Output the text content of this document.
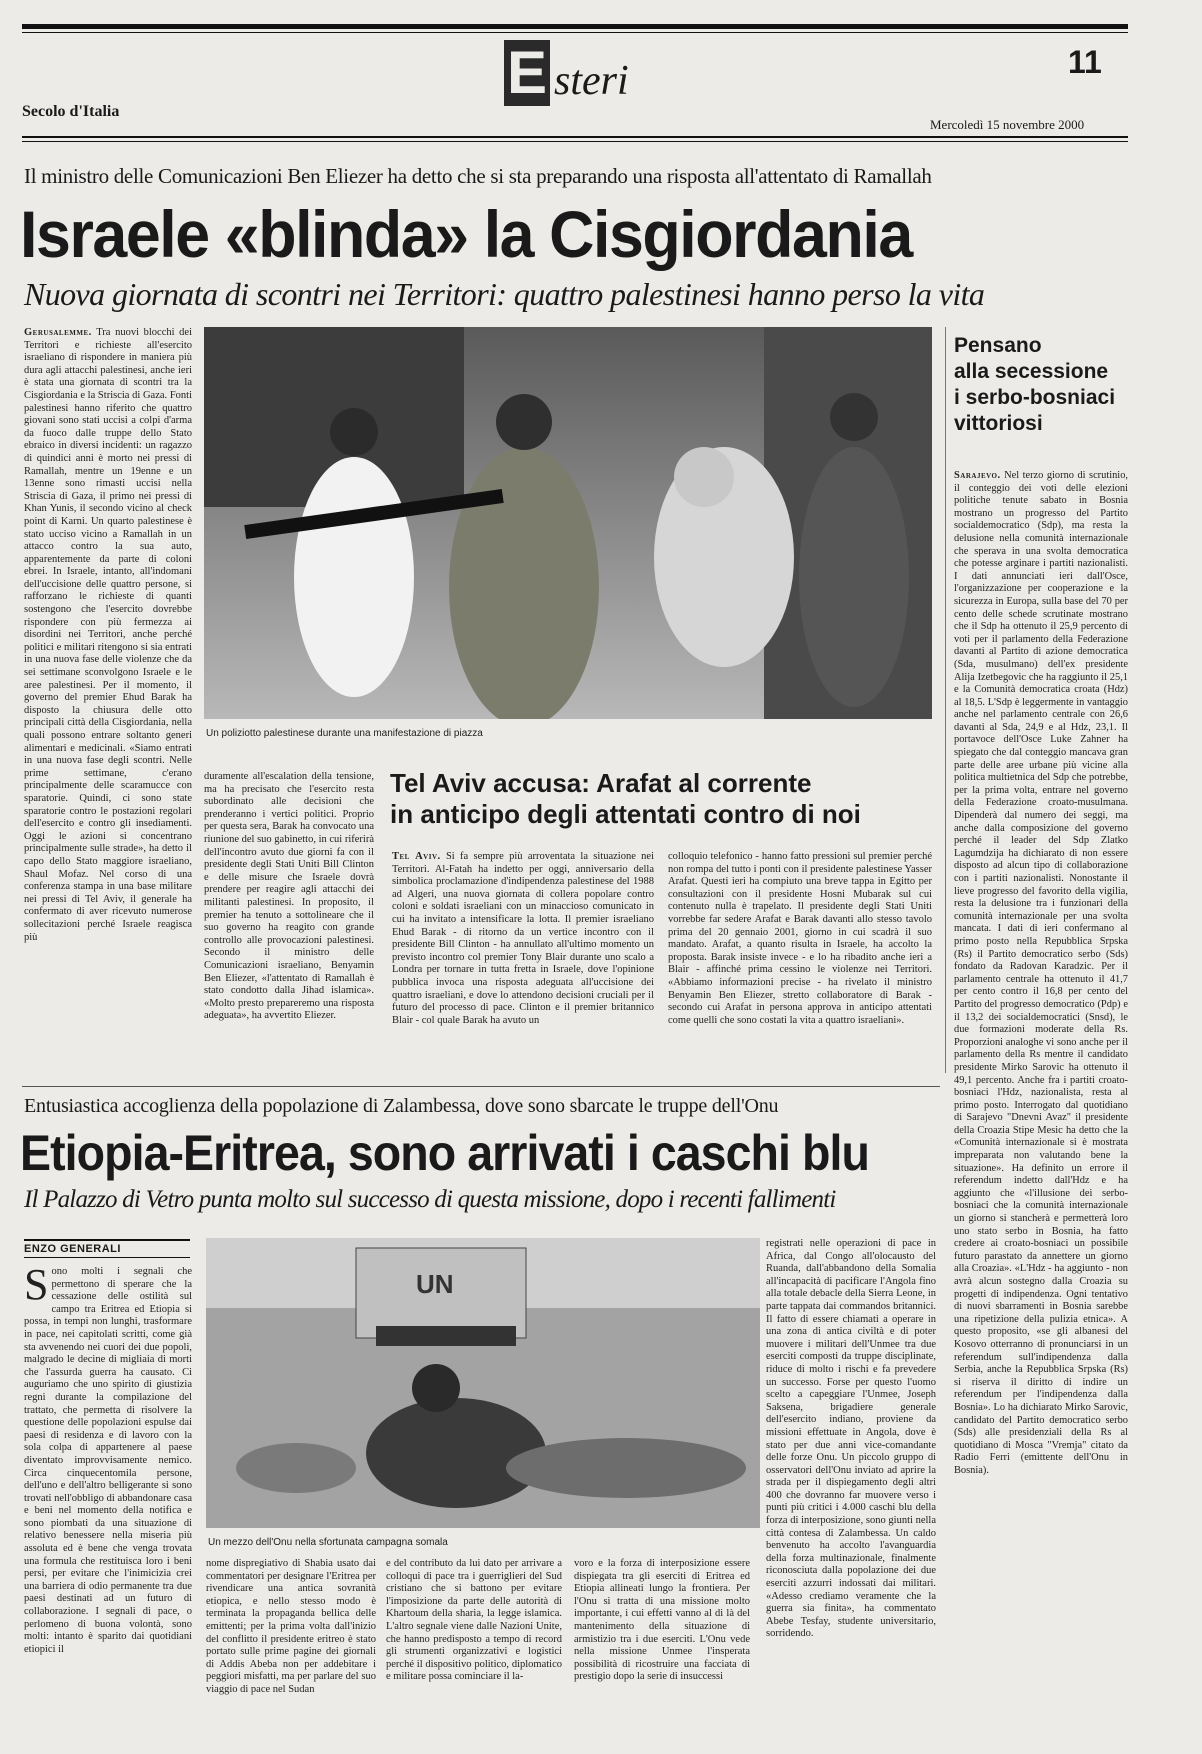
E steri	11
Secolo d'Italia
Mercoledì 15 novembre 2000
Il ministro delle Comunicazioni Ben Eliezer ha detto che si sta preparando una risposta all'attentato di Ramallah
Israele «blinda» la Cisgiordania
Nuova giornata di scontri nei Territori: quattro palestinesi hanno perso la vita

Gerusalemme. Tra nuovi blocchi dei Territori e richieste all'esercito israeliano di rispondere in maniera più dura agli attacchi palestinesi, anche ieri è stata una giornata di scontri tra la Cisgiordania e la Striscia di Gaza. Fonti palestinesi hanno riferito che quattro giovani sono stati uccisi a colpi d'arma da fuoco dalle truppe dello Stato ebraico in diversi incidenti: un ragazzo di quindici anni è morto nei pressi di Ramallah, mentre un 19enne e un 13enne sono rimasti uccisi nella Striscia di Gaza, il primo nei pressi di Khan Yunis, il secondo vicino al check point di Karni. Un quarto palestinese è stato ucciso vicino a Ramallah in un attacco contro la sua auto, apparentemente da parte di coloni ebrei. In Israele, intanto, all'indomani dell'uccisione delle quattro persone, si rafforzano le richieste di quanti sostengono che l'esercito dovrebbe rispondere con più fermezza ai disordini nei Territori, anche perché politici e militari ritengono si sia entrati in una nuova fase delle violenze che da sei settimane sconvolgono Israele e le aree palestinesi. Per il momento, il governo del premier Ehud Barak ha disposto la chiusura delle otto principali città della Cisgiordania, nella quali possono entrare soltanto generi alimentari e medicinali. «Siamo entrati in una nuova fase degli scontri. Nelle prime settimane, c'erano principalmente delle scaramucce con sparatorie. Quindi, ci sono state sparatorie contro le postazioni regolari dell'esercito e contro gli insediamenti. Oggi le azioni si concentrano principalmente sulle strade», ha detto il capo dello Stato maggiore israeliano, Shaul Mofaz. Nel corso di una conferenza stampa in una base militare nei pressi di Tel Aviv, il generale ha confermato di aver ricevuto numerose sollecitazioni perché Israele reagisca più

Un poliziotto palestinese durante una manifestazione di piazza

duramente all'escalation della tensione, ma ha precisato che l'esercito resta subordinato alle decisioni che prenderanno i vertici politici. Proprio per questa sera, Barak ha convocato una riunione del suo gabinetto, in cui riferirà dell'incontro avuto due giorni fa con il presidente degli Stati Uniti Bill Clinton e delle misure che Israele dovrà prendere per reagire agli attacchi dei militanti palestinesi. In proposito, il premier ha tenuto a sottolineare che il suo governo ha reagito con grande controllo alle provocazioni palestinesi. Secondo il ministro delle Comunicazioni israeliano, Benyamin Ben Eliezer, «l'attentato di Ramallah è stato condotto dalla Jihad islamica». «Molto presto prepareremo una risposta adeguata», ha avvertito Eliezer.

Tel Aviv accusa: Arafat al corrente
in anticipo degli attentati contro di noi

Tel Aviv. Si fa sempre più arroventata la situazione nei Territori. Al-Fatah ha indetto per oggi, anniversario della simbolica proclamazione d'indipendenza palestinese del 1988 ad Algeri, una nuova giornata di collera popolare contro coloni e soldati israeliani con un minaccioso comunicato in cui ha invitato a intensificare la lotta. Il premier israeliano Ehud Barak - di ritorno da un vertice incontro con il presidente Bill Clinton - ha annullato all'ultimo momento un previsto incontro col premier Tony Blair durante uno scalo a Londra per tornare in tutta fretta in Israele, dove l'opinione pubblica invoca una risposta adeguata all'uccisione dei quattro israeliani, e dove lo attendono decisioni cruciali per il futuro del processo di pace. Clinton e il premier britannico Blair - col quale Barak ha avuto un

colloquio telefonico - hanno fatto pressioni sul premier perché non rompa del tutto i ponti con il presidente palestinese Yasser Arafat. Questi ieri ha compiuto una breve tappa in Egitto per consultazioni con il presidente Hosni Mubarak sul cui contenuto nulla è trapelato. Il presidente degli Stati Uniti vorrebbe far sedere Arafat e Barak davanti allo stesso tavolo prima del 20 gennaio 2001, giorno in cui scadrà il suo mandato. Arafat, a quanto risulta in Israele, ha accolto la proposta. Barak insiste invece - e lo ha ribadito anche ieri a Blair - affinché prima cessino le violenze nei Territori. «Abbiamo informazioni precise - ha rivelato il ministro Benyamin Ben Eliezer, stretto collaboratore di Barak - secondo cui Arafat in persona approva in anticipo attentati come quelli che sono costati la vita a quattro israeliani».

Pensano
alla secessione
i serbo-bosniaci
vittoriosi

Sarajevo. Nel terzo giorno di scrutinio, il conteggio dei voti delle elezioni politiche tenute sabato in Bosnia mostrano un progresso del Partito socialdemocratico (Sdp), ma resta la delusione nella comunità internazionale che sperava in una svolta democratica che potesse arginare i partiti nazionalisti. I dati annunciati ieri dall'Osce, l'organizzazione per cooperazione e la sicurezza in Europa, sulla base del 70 per cento delle schede scrutinate mostrano che il Sdp ha ottenuto il 25,9 percento di voti per il parlamento della Federazione davanti al Partito di azione democratica (Sda, musulmano) dell'ex presidente Alija Izetbegovic che ha raggiunto il 25,1 e la Comunità democratica croata (Hdz) al 18,5. L'Sdp è leggermente in vantaggio anche nel parlamento centrale con 26,6 davanti al Sda, 24,9 e al Hdz, 23,1. Il portavoce dell'Osce Luke Zahner ha spiegato che dal conteggio mancava gran parte delle aree urbane più vicine alla politica multietnica del Sdp che potrebbe, per la prima volta, entrare nel governo della Federazione croato-musulmana. Dipenderà dal numero dei seggi, ma anche dalla composizione del governo perché il leader del Sdp Zlatko Lagumdzija ha dichiarato di non essere disposto ad alcun tipo di collaborazione con i partiti nazionalisti. Nonostante il lieve progresso del favorito della vigilia, resta la delusione tra i funzionari della comunità internazionale per una svolta mancata. I dati di ieri confermano al primo posto nella Repubblica Srpska (Rs) il Partito democratico serbo (Sds) fondato da Radovan Karadzic. Per il parlamento centrale ha ottenuto il 41,7 per cento contro il 16,8 per cento del Partito del progresso democratico (Pdp) e il 13,2 dei socialdemocratici (Snsd), le due formazioni moderate della Rs. Proporzioni analoghe vi sono anche per il parlamento della Rs mentre il candidato presidente Mirko Sarovic ha ottenuto il 49,1 percento. Anche fra i partiti croato-bosniaci l'Hdz, nazionalista, resta al primo posto. Interrogato dal quotidiano di Sarajevo "Dnevni Avaz" il presidente della Croazia Stipe Mesic ha detto che la «Comunità internazionale si è mostrata impreparata non valutando bene la situazione». Ha definito un errore il referendum indetto dall'Hdz e ha aggiunto che «l'illusione dei serbo-bosniaci che la comunità internazionale un giorno si stancherà e permetterà loro uno stato serbo in Bosnia, ha fatto credere ai croato-bosniaci un possibile futuro parastato da annettere un giorno alla Croazia». «L'Hdz - ha aggiunto - non avrà alcun sostegno dalla Croazia su progetti di indipendenza. Ogni tentativo di nuovi sbarramenti in Bosnia sarebbe una ripetizione della pulizia etnica». A questo proposito, «se gli albanesi del Kosovo otterranno di pronunciarsi in un referendum sull'indipendenza dalla Serbia, anche la Repubblica Srpska (Rs) si riserva il diritto di indire un referendum per l'indipendenza dalla Bosnia». Lo ha dichiarato Mirko Sarovic, candidato del Partito democratico serbo (Sds) alle presidenziali della Rs al quotidiano di Mosca "Vremja" citato da Radio Ferri (emittente dell'Onu in Bosnia).

Entusiastica accoglienza della popolazione di Zalambessa, dove sono sbarcate le truppe dell'Onu
Etiopia-Eritrea, sono arrivati i caschi blu
Il Palazzo di Vetro punta molto sul successo di questa missione, dopo i recenti fallimenti
ENZO GENERALI
S ono molti i segnali che permettono di sperare che la cessazione delle ostilità sul campo tra Eritrea ed Etiopia si possa, in tempi non lunghi, trasformare in pace, nei capitolati scritti, come già sta avvenendo nei cuori dei due popoli, malgrado le decine di migliaia di morti che l'assurda guerra ha causato. Ci auguriamo che uno spirito di giustizia regni durante la compilazione del trattato, che permetta di risolvere la questione delle popolazioni espulse dai paesi di residenza e di lavoro con la sola colpa di appartenere al paese diventato improvvisamente nemico. Circa cinquecentomila persone, dell'uno e dell'altro belligerante si sono trovati nell'obbligo di abbandonare casa e beni nel momento della notifica e sono piombati da una situazione di relativo benessere nella miseria più assoluta ed è bene che venga trovata una formula che restituisca loro i beni persi, per evitare che l'inimicizia crei una barriera di odio permanente tra due paesi destinati ad un futuro di collaborazione. I segnali di pace, o perlomeno di buona volontà, sono molti: intanto è sparito dai quotidiani etiopici il
UN
Un mezzo dell'Onu nella sfortunata campagna somala

nome dispregiativo di Shabia usato dai commentatori per designare l'Eritrea per rivendicare una antica sovranità etiopica, e nello stesso modo è terminata la propaganda bellica delle emittenti; per la prima volta dall'inizio del conflitto il presidente eritreo è stato portato sulle prime pagine dei giornali di Addis Abeba non per addebitare i peggiori misfatti, ma per parlare del suo viaggio di pace nel Sudan

e del contributo da lui dato per arrivare a colloqui di pace tra i guerriglieri del Sud cristiano che si battono per evitare l'imposizione da parte delle autorità di Khartoum della sharia, la legge islamica. L'altro segnale viene dalle Nazioni Unite, che hanno predisposto a tempo di record gli strumenti organizzativi e logistici perché il dispositivo politico, diplomatico e militare possa cominciare il la-

voro e la forza di interposizione essere dispiegata tra gli eserciti di Eritrea ed Etiopia allineati lungo la frontiera. Per l'Onu si tratta di una missione molto importante, i cui effetti vanno al di là del mantenimento della situazione di armistizio tra i due eserciti. L'Onu vede nella missione Unmee l'insperata possibilità di ricostruire una facciata di prestigio dopo la serie di insuccessi

registrati nelle operazioni di pace in Africa, dal Congo all'olocausto del Ruanda, dall'abbandono della Somalia all'incapacità di pacificare l'Angola fino alla totale debacle della Sierra Leone, in parte tappata dai commandos britannici. Il fatto di essere chiamati a operare in una zona di antica civiltà e di poter muovere i militari dell'Unmee tra due eserciti composti da truppe disciplinate, riduce di molto i rischi e fa prevedere un successo. Forse per questo l'uomo scelto a capeggiare l'Unmee, Joseph Saksena, brigadiere generale dell'esercito indiano, proviene da missioni effettuate in Angola, dove è stato per due anni vice-comandante delle forze Onu. Un piccolo gruppo di osservatori dell'Onu inviato ad aprire la strada per il dispiegamento degli altri 400 che dovranno far muovere verso i punti più critici i 4.000 caschi blu della forza di interposizione, sono giunti nella città contesa di Zalambessa. Un caldo benvenuto ha accolto l'avanguardia della forza multinazionale, finalmente riconosciuta dalla popolazione dei due eserciti azzurri indossati dai militari. «Adesso crediamo veramente che la guerra sia finita», ha commentato Abebe Tesfay, studente universitario, sorridendo.
